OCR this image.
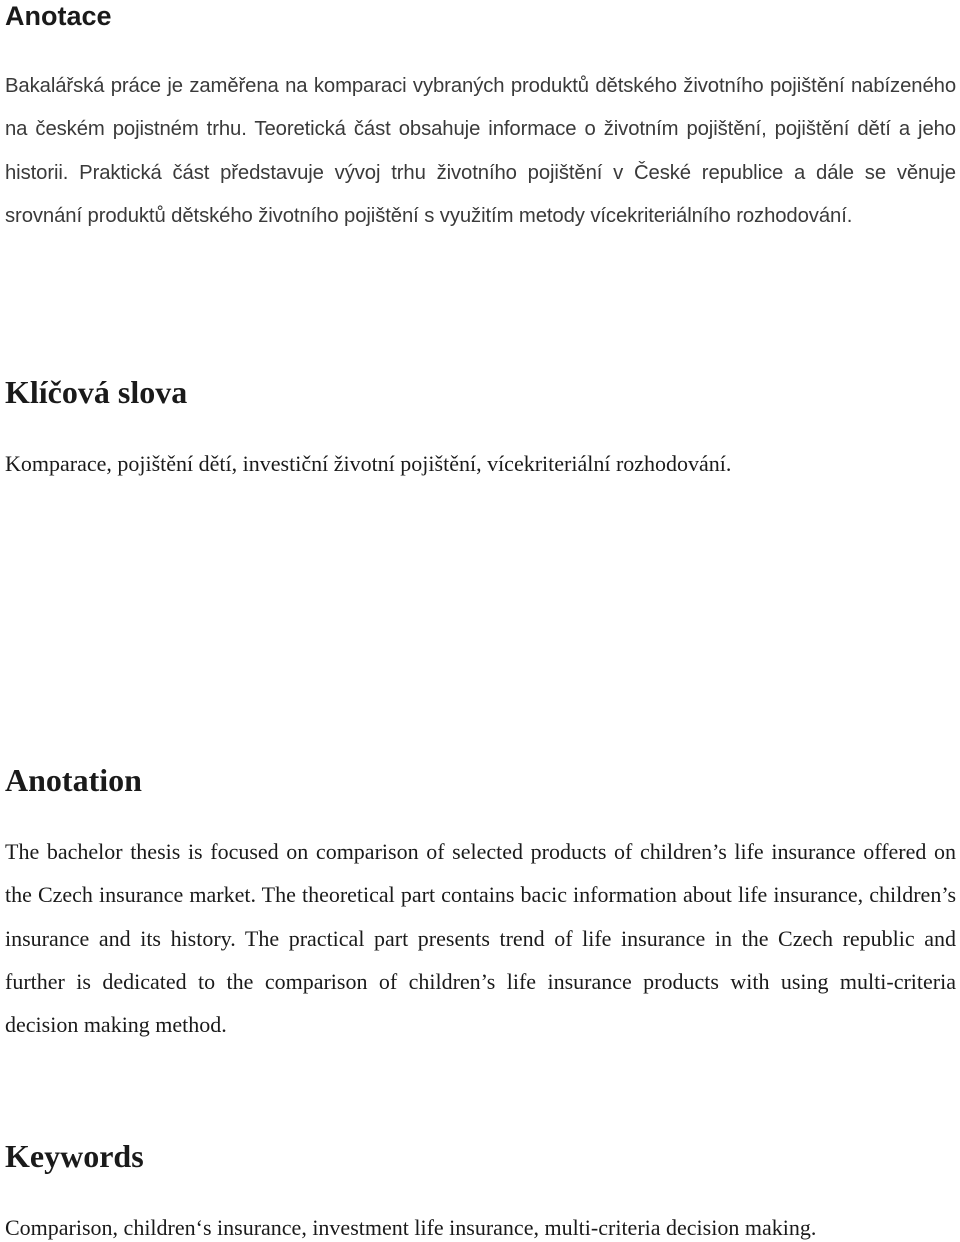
Anotace

Bakalářská práce je zaměřena na komparaci vybraných produktů dětského životního pojištění nabízeného na českém pojistném trhu. Teoretická část obsahuje informace o životním pojištění, pojištění dětí a jeho historii. Praktická část představuje vývoj trhu životního pojištění v České republice a dále se věnuje srovnání produktů dětského životního pojištění s využitím metody vícekriteriálního rozhodování.

Klíčová slova

Komparace, pojištění dětí, investiční životní pojištění, vícekriteriální rozhodování.

Anotation

The bachelor thesis is focused on comparison of selected products of children’s life insurance offered on the Czech insurance market. The theoretical part contains bacic information about life insurance, children’s insurance and its history. The practical part presents trend of life insurance in the Czech republic and further is dedicated to the comparison of children’s life insurance products with using multi-criteria decision making method.

Keywords

Comparison, children‘s insurance, investment life insurance, multi-criteria decision making.
